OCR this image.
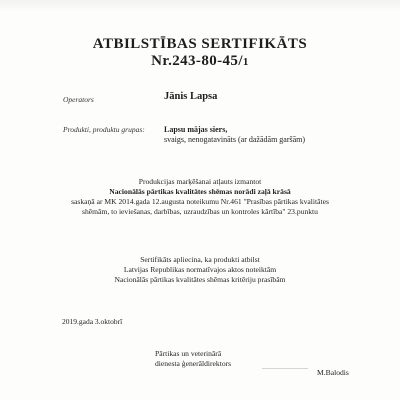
ATBILSTĪBAS SERTIFIKĀTS
Nr.243-80-45/1
Operators	Jānis Lapsa
Produkti, produktu grupas: Lapsu mājas siers,
svaigs, nenogatavināts (ar dažādām garšām)
Produkcijas marķēšanai atļauts izmantot
Nacionālās pārtikas kvalitātes shēmas norādi zaļā krāsā
saskaņā ar MK 2014.gada 12.augusta noteikumu Nr.461 "Prasības pārtikas kvalitātes
shēmām, to ieviešanas, darbības, uzraudzības un kontroles kārtība" 23.punktu
Sertifikāts apliecina, ka produkti atbilst
Latvijas Republikas normatīvajos aktos noteiktām
Nacionālās pārtikas kvalitātes shēmas kritēriju prasībām
2019.gada 3.oktobrī
Pārtikas un veterinārā
dienesta ģenerāldirektors
M.Balodis
